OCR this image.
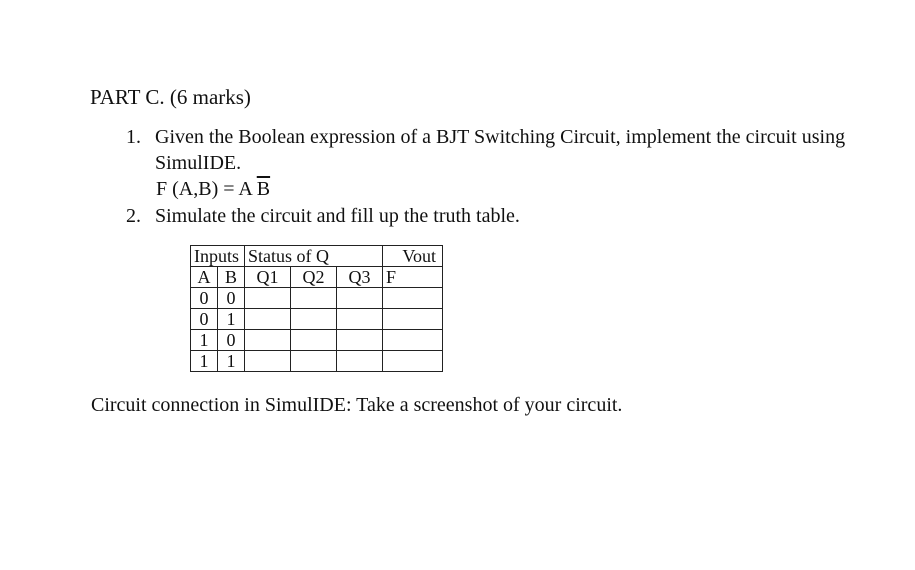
PART C. (6 marks)
1. Given the Boolean expression of a BJT Switching Circuit, implement the circuit using
SimulIDE.
F (A,B) = A $\overline{B}$
2. Simulate the circuit and fill up the truth table.
Inputs		Status of Q			Vout
A	B	Q1	Q2	Q3	F
0	0				
0	1				
1	0				
1	1				
Circuit connection in SimulIDE: Take a screenshot of your circuit.
